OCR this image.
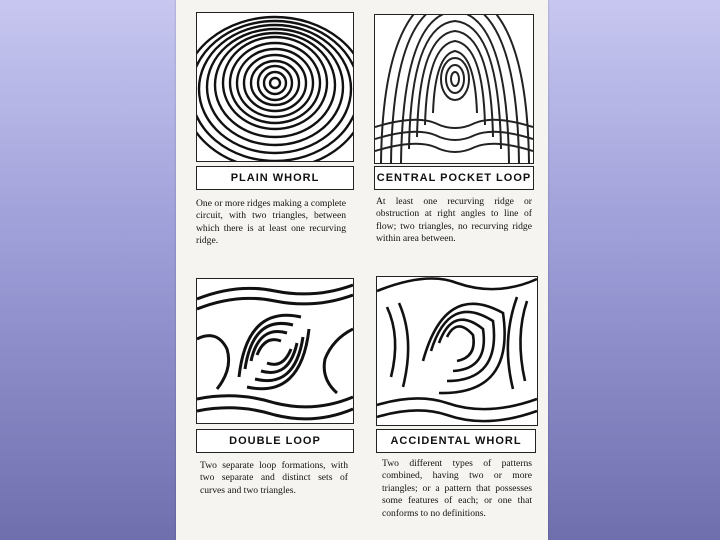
PLAIN WHORL
One or more ridges making a complete circuit, with two triangles, between which there is at least one recurving ridge.
CENTRAL POCKET LOOP
At least one recurving ridge or obstruction at right angles to line of flow; two triangles, no recurving ridge within area between.
DOUBLE LOOP
Two separate loop formations, with two separate and distinct sets of curves and two triangles.
ACCIDENTAL WHORL
Two different types of patterns combined, having two or more triangles; or a pattern that possesses some features of each; or one that conforms to no definitions.
